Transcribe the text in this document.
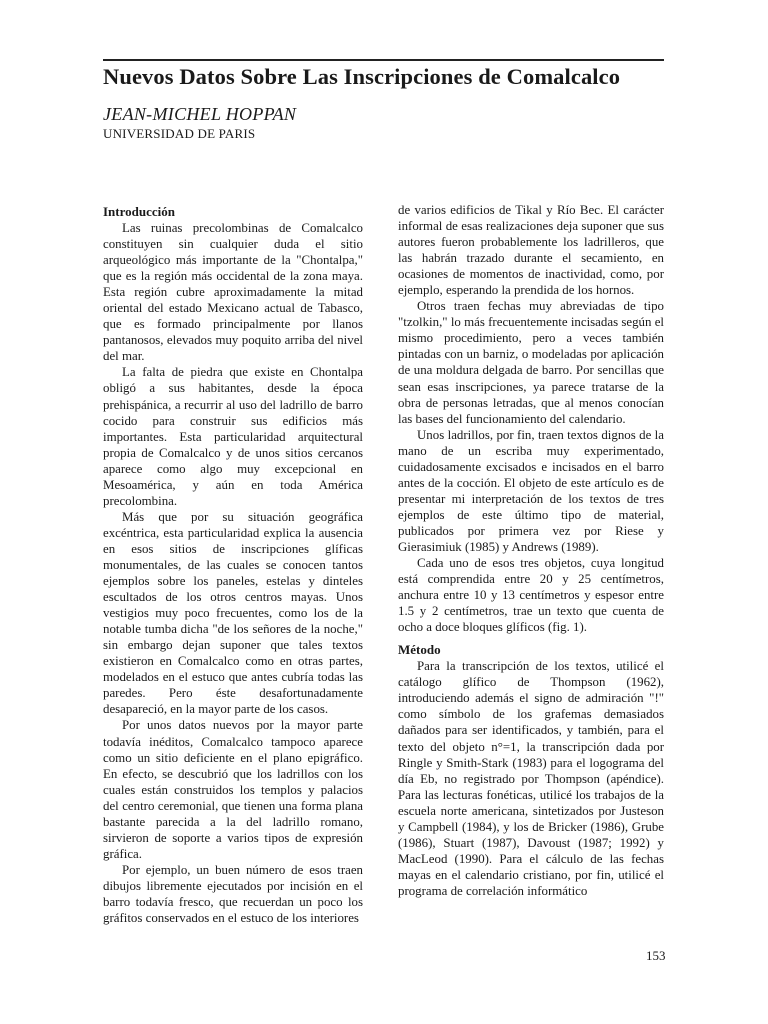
Nuevos Datos Sobre Las Inscripciones de Comalcalco
JEAN-MICHEL HOPPAN
UNIVERSIDAD DE PARIS
Introducción

Las ruinas precolombinas de Comalcalco constituyen sin cualquier duda el sitio arqueológico más importante de la "Chontalpa," que es la región más occidental de la zona maya. Esta región cubre aproximadamente la mitad oriental del estado Mexicano actual de Tabasco, que es formado principalmente por llanos pantanosos, elevados muy poquito arriba del nivel del mar.

La falta de piedra que existe en Chontalpa obligó a sus habitantes, desde la época prehispánica, a recurrir al uso del ladrillo de barro cocido para construir sus edificios más importantes. Esta particularidad arquitectural propia de Comalcalco y de unos sitios cercanos aparece como algo muy excepcional en Mesoamérica, y aún en toda América precolombina.

Más que por su situación geográfica excéntrica, esta particularidad explica la ausencia en esos sitios de inscripciones glíficas monumentales, de las cuales se conocen tantos ejemplos sobre los paneles, estelas y dinteles escultados de los otros centros mayas. Unos vestigios muy poco frecuentes, como los de la notable tumba dicha "de los señores de la noche," sin embargo dejan suponer que tales textos existieron en Comalcalco como en otras partes, modelados en el estuco que antes cubría todas las paredes. Pero éste desafortunadamente desapareció, en la mayor parte de los casos.

Por unos datos nuevos por la mayor parte todavía inéditos, Comalcalco tampoco aparece como un sitio deficiente en el plano epigráfico. En efecto, se descubrió que los ladrillos con los cuales están construidos los templos y palacios del centro ceremonial, que tienen una forma plana bastante parecida a la del ladrillo romano, sirvieron de soporte a varios tipos de expresión gráfica.

Por ejemplo, un buen número de esos traen dibujos libremente ejecutados por incisión en el barro todavía fresco, que recuerdan un poco los gráfitos conservados en el estuco de los interiores

de varios edificios de Tikal y Río Bec. El carácter informal de esas realizaciones deja suponer que sus autores fueron probablemente los ladrilleros, que las habrán trazado durante el secamiento, en ocasiones de momentos de inactividad, como, por ejemplo, esperando la prendida de los hornos.

Otros traen fechas muy abreviadas de tipo "tzolkin," lo más frecuentemente incisadas según el mismo procedimiento, pero a veces también pintadas con un barniz, o modeladas por aplicación de una moldura delgada de barro. Por sencillas que sean esas inscripciones, ya parece tratarse de la obra de personas letradas, que al menos conocían las bases del funcionamiento del calendario.

Unos ladrillos, por fin, traen textos dignos de la mano de un escriba muy experimentado, cuidadosamente excisados e incisados en el barro antes de la cocción. El objeto de este artículo es de presentar mi interpretación de los textos de tres ejemplos de este último tipo de material, publicados por primera vez por Riese y Gierasimiuk (1985) y Andrews (1989).

Cada uno de esos tres objetos, cuya longitud está comprendida entre 20 y 25 centímetros, anchura entre 10 y 13 centímetros y espesor entre 1.5 y 2 centímetros, trae un texto que cuenta de ocho a doce bloques glíficos (fig. 1).

Método

Para la transcripción de los textos, utilicé el catálogo glífico de Thompson (1962), introduciendo además el signo de admiración "!" como símbolo de los grafemas demasiados dañados para ser identificados, y también, para el texto del objeto n°=1, la transcripción dada por Ringle y Smith-Stark (1983) para el logograma del día Eb, no registrado por Thompson (apéndice). Para las lecturas fonéticas, utilicé los trabajos de la escuela norte americana, sintetizados por Justeson y Campbell (1984), y los de Bricker (1986), Grube (1986), Stuart (1987), Davoust (1987; 1992) y MacLeod (1990). Para el cálculo de las fechas mayas en el calendario cristiano, por fin, utilicé el programa de correlación informático

153
